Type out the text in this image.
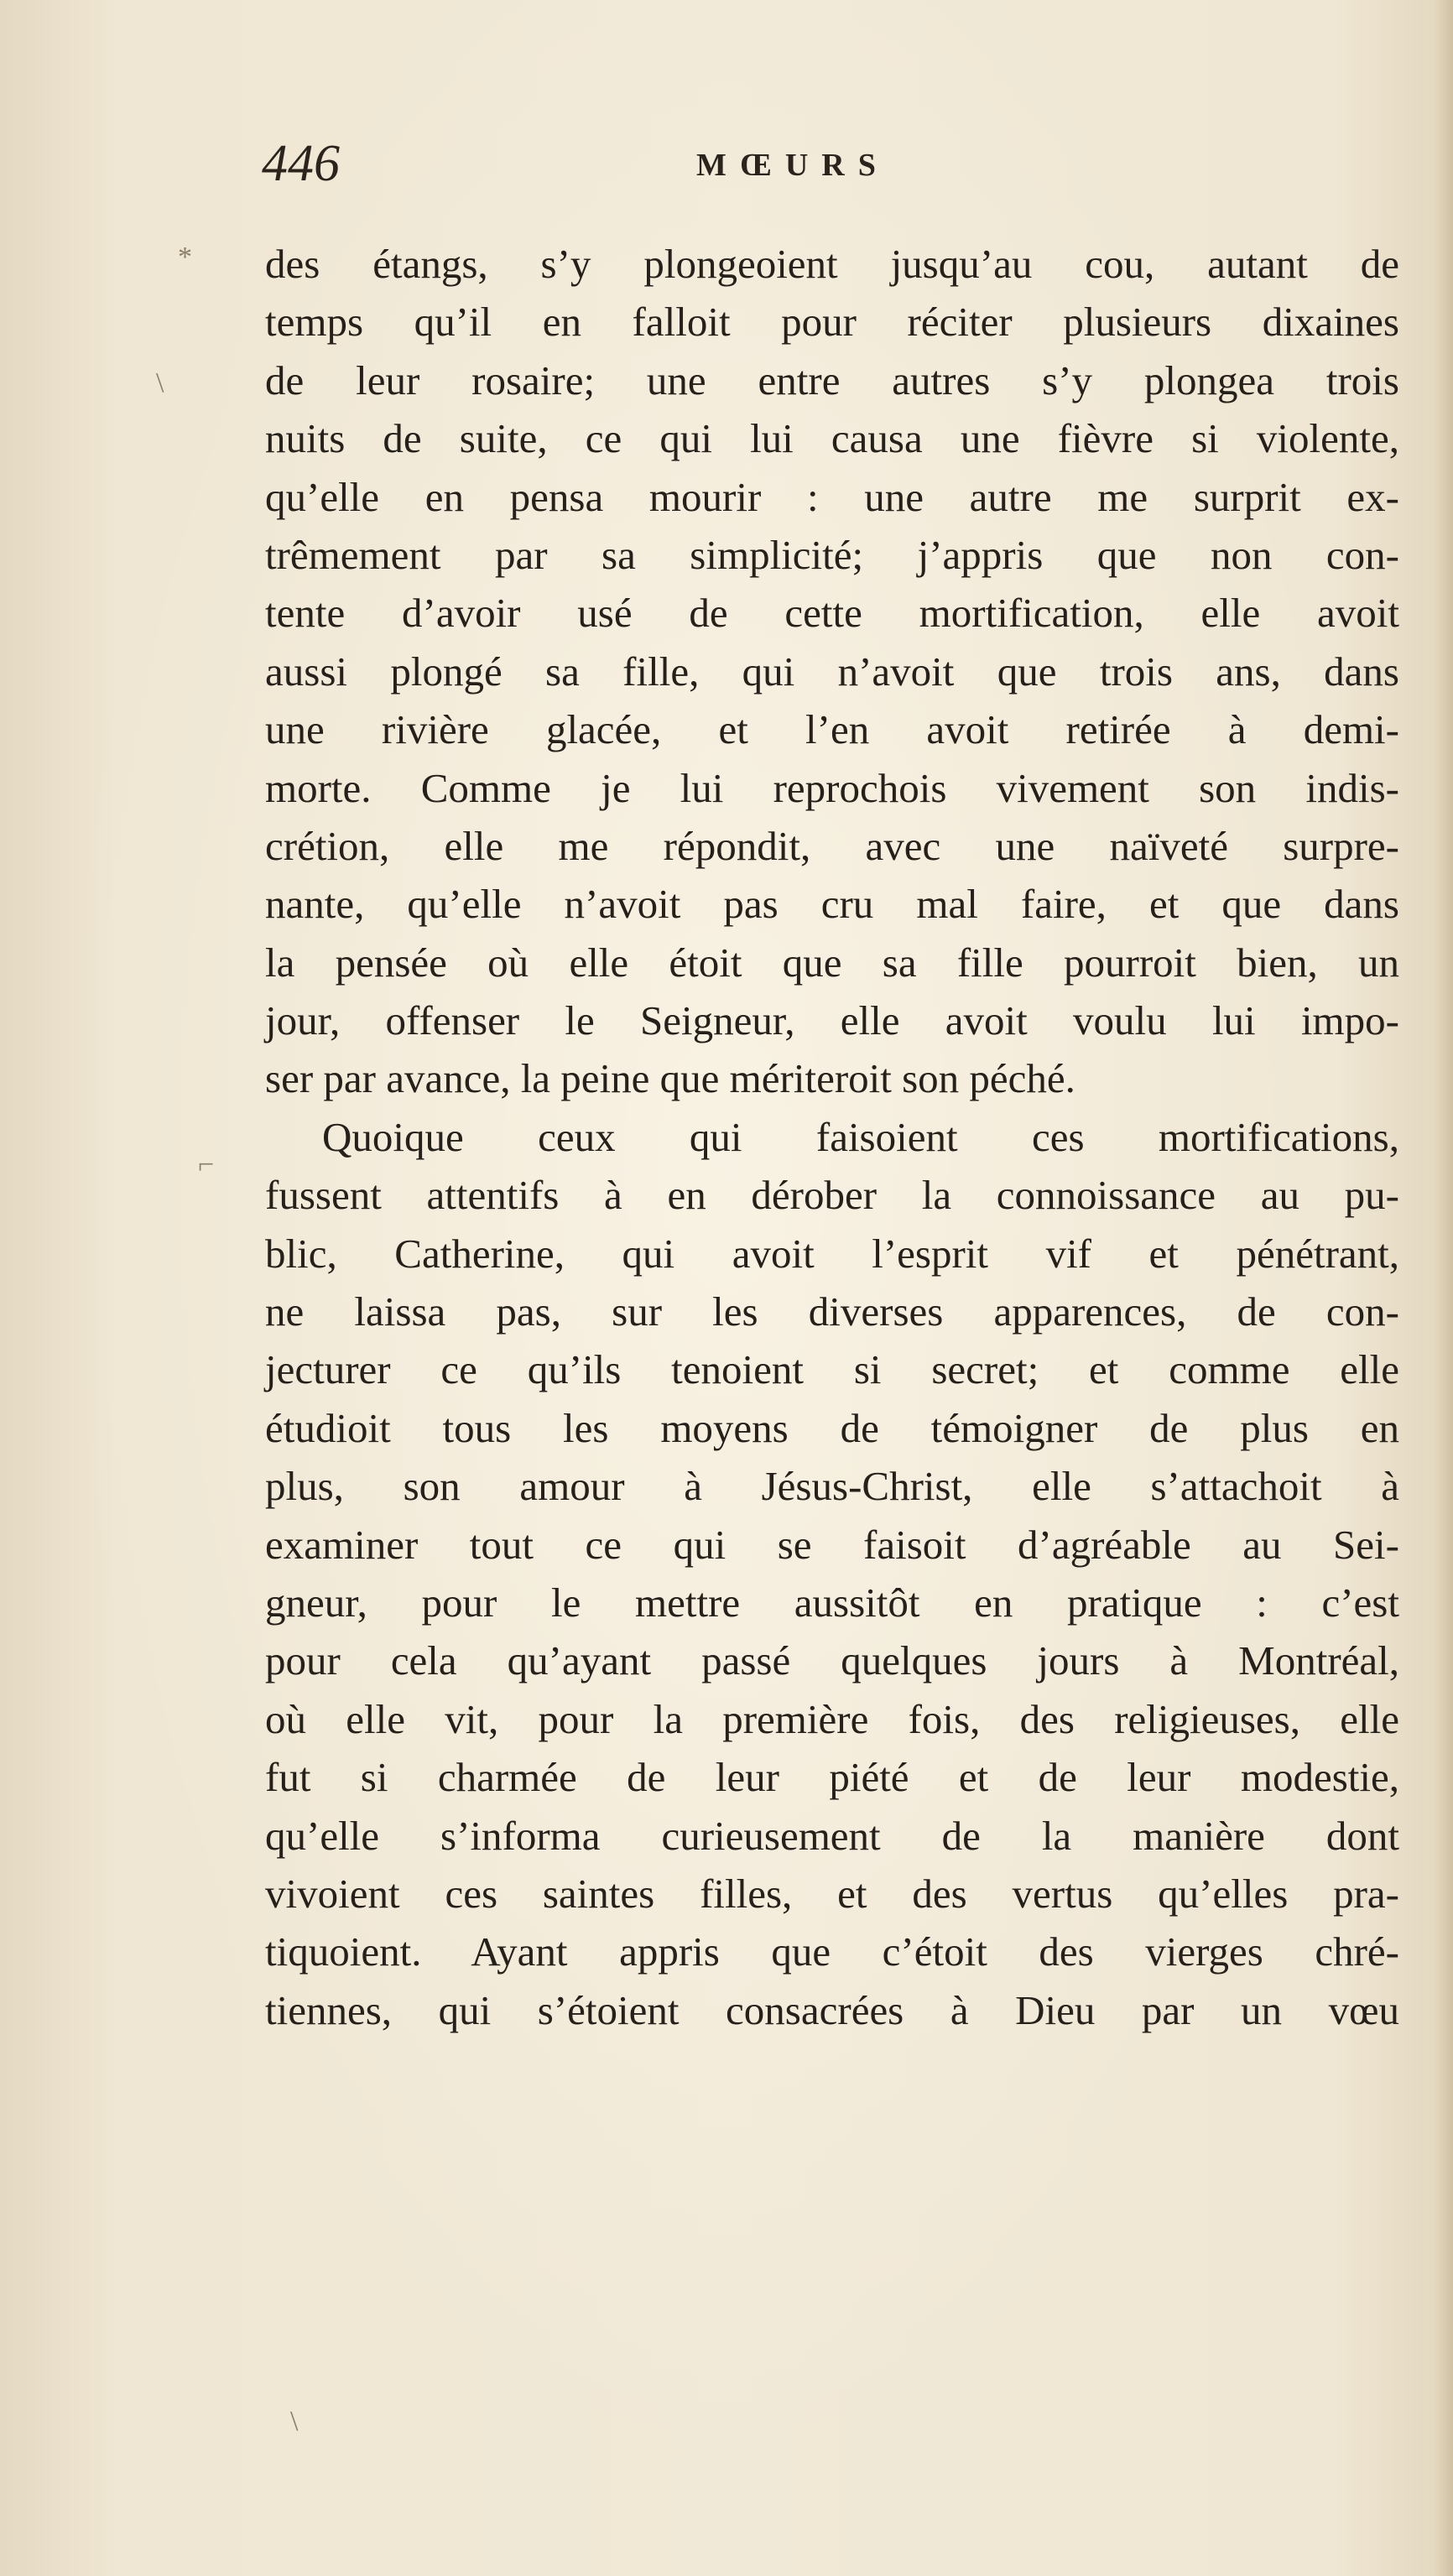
446	MŒURS
*
\
⌐
\
des étangs, s’y plongeoient jusqu’au cou, autant de
temps qu’il en falloit pour réciter plusieurs dixaines
de leur rosaire; une entre autres s’y plongea trois
nuits de suite, ce qui lui causa une fièvre si violente,
qu’elle en pensa mourir : une autre me surprit ex-
trêmement par sa simplicité; j’appris que non con-
tente d’avoir usé de cette mortification, elle avoit
aussi plongé sa fille, qui n’avoit que trois ans, dans
une rivière glacée, et l’en avoit retirée à demi-
morte. Comme je lui reprochois vivement son indis-
crétion, elle me répondit, avec une naïveté surpre-
nante, qu’elle n’avoit pas cru mal faire, et que dans
la pensée où elle étoit que sa fille pourroit bien, un
jour, offenser le Seigneur, elle avoit voulu lui impo-
ser par avance, la peine que mériteroit son péché.
Quoique ceux qui faisoient ces mortifications,
fussent attentifs à en dérober la connoissance au pu-
blic, Catherine, qui avoit l’esprit vif et pénétrant,
ne laissa pas, sur les diverses apparences, de con-
jecturer ce qu’ils tenoient si secret; et comme elle
étudioit tous les moyens de témoigner de plus en
plus, son amour à Jésus-Christ, elle s’attachoit à
examiner tout ce qui se faisoit d’agréable au Sei-
gneur, pour le mettre aussitôt en pratique : c’est
pour cela qu’ayant passé quelques jours à Montréal,
où elle vit, pour la première fois, des religieuses, elle
fut si charmée de leur piété et de leur modestie,
qu’elle s’informa curieusement de la manière dont
vivoient ces saintes filles, et des vertus qu’elles pra-
tiquoient. Ayant appris que c’étoit des vierges chré-
tiennes, qui s’étoient consacrées à Dieu par un vœu
